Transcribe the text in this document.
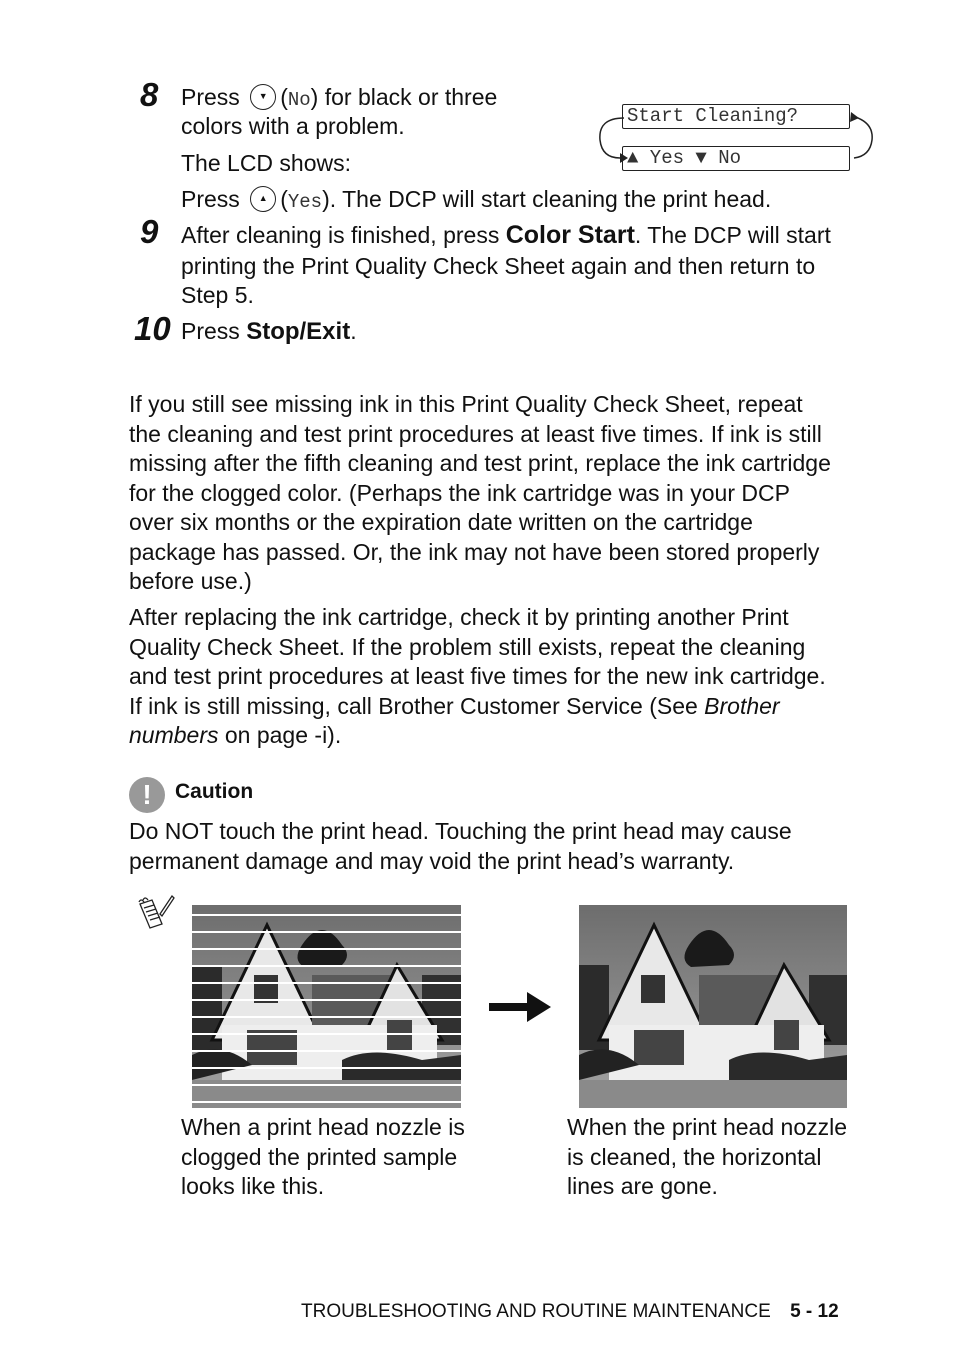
8 Press ▼ (No) for black or three
colors with a problem.
The LCD shows:
Press ▲ (Yes). The DCP will start cleaning the print head.
Start Cleaning?
▲ Yes ▼ No
9 After cleaning is finished, press Color Start. The DCP will start
printing the Print Quality Check Sheet again and then return to
Step 5.
10 Press Stop/Exit.
If you still see missing ink in this Print Quality Check Sheet, repeat
the cleaning and test print procedures at least five times. If ink is still
missing after the fifth cleaning and test print, replace the ink cartridge
for the clogged color. (Perhaps the ink cartridge was in your DCP
over six months or the expiration date written on the cartridge
package has passed. Or, the ink may not have been stored properly
before use.)
After replacing the ink cartridge, check it by printing another Print
Quality Check Sheet. If the problem still exists, repeat the cleaning
and test print procedures at least five times for the new ink cartridge.
If ink is still missing, call Brother Customer Service (See Brother
numbers on page -i).
!	Caution
Do NOT touch the print head. Touching the print head may cause
permanent damage and may void the print head’s warranty.
When a print head nozzle is
clogged the printed sample
looks like this.
When the print head nozzle
is cleaned, the horizontal
lines are gone.
TROUBLESHOOTING AND ROUTINE MAINTENANCE 5 - 12
